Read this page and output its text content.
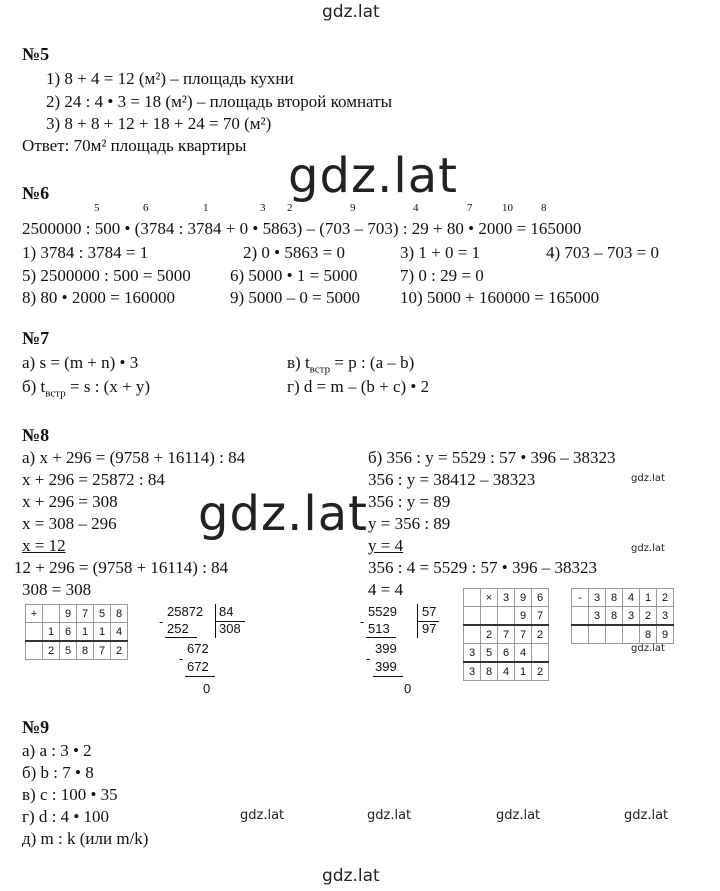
gdz.lat
gdz.lat
№5
1) 8 + 4 = 12 (м²) – площадь кухни
2) 24 : 4 • 3 = 18 (м²) – площадь второй комнаты
3) 8 + 8 + 12 + 18 + 24 = 70 (м²)
Ответ: 70м² площадь квартиры
gdz.lat
№6
5	6	1	3 2	9	4	7	10	8
2500000 : 500 • (3784 : 3784 + 0 • 5863) – (703 – 703) : 29 + 80 • 2000 = 165000
1) 3784 : 3784 = 1	2) 0 • 5863 = 0	3) 1 + 0 = 1	4) 703 – 703 = 0
5) 2500000 : 500 = 5000 6) 5000 • 1 = 5000	7) 0 : 29 = 0
8) 80 • 2000 = 160000	9) 5000 – 0 = 5000 10) 5000 + 160000 = 165000
№7
а) s = (m + n) • 3
б) $t_{встр} = s$ : (x + y)
в) $t_{встр} = p$ : (a – b)
г) d = m – (b + c) • 2
№8
а) x + 296 = (9758 + 16114) : 84
x + 296 = 25872 : 84
x + 296 = 308
x = 308 – 296
x = 12
12 + 296 = (9758 + 16114) : 84
308 = 308
б) 356 : y = 5529 : 57 • 396 – 38323
356 : y = 38412 – 38323
356 : y = 89
y = 356 : 89
y = 4
356 : 4 = 5529 : 57 • 396 – 38323
4 = 4
gdz.lat
gdz.lat
gdz.lat
gdz.lat
+		9	7	5	8
	1	6	1	1	4
	2	5	8	7	2
25872 84
- 252 308
672
-
672
0
5529 57
- 513 97
399
-
399
0
	×	3	9	6
			9	7
	2	7	7	2
3	5	6	4	
3	8	4	1	2
-	3	8	4	1	2
	3	8	3	2	3
				8	9
№9
а) a : 3 • 2
б) b : 7 • 8
в) c : 100 • 35
г) d : 4 • 100
д) m : k (или m/k)
gdz.lat	gdz.lat	gdz.lat	gdz.lat
